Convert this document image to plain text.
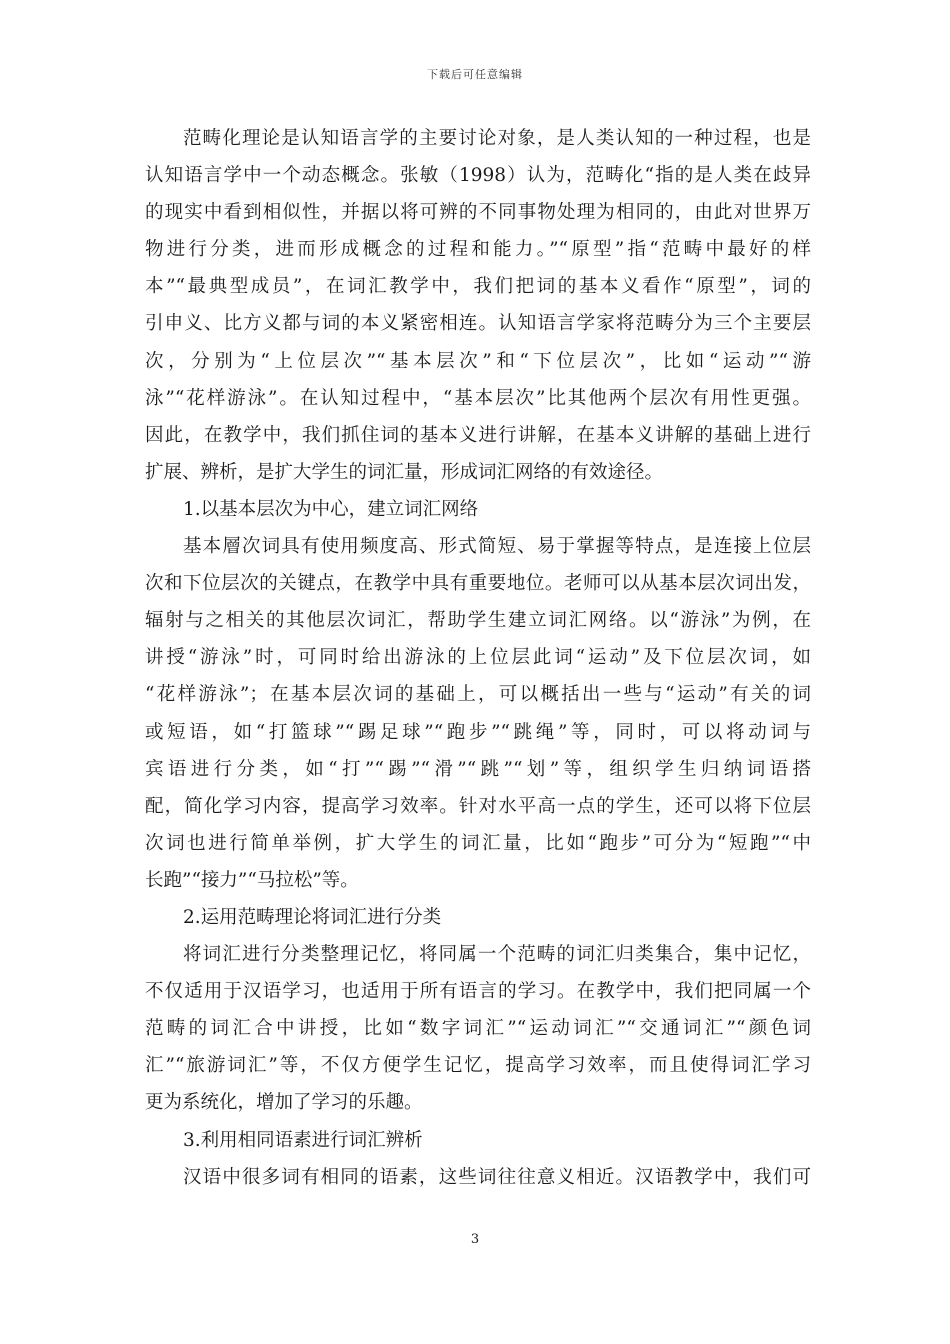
下载后可任意编辑
范畴化理论是认知语言学的主要讨论对象，是人类认知的一种过程，也是
认知语言学中一个动态概念。张敏（1998）认为，范畴化“指的是人类在歧异
的现实中看到相似性，并据以将可辨的不同事物处理为相同的，由此对世界万
物进行分类，进而形成概念的过程和能力。”“原型”指“范畴中最好的样
本”“最典型成员”，在词汇教学中，我们把词的基本义看作“原型”，词的
引申义、比方义都与词的本义紧密相连。认知语言学家将范畴分为三个主要层
次，分别为“上位层次”“基本层次”和“下位层次”，比如“运动”“游
泳”“花样游泳”。在认知过程中，“基本层次”比其他两个层次有用性更强。
因此，在教学中，我们抓住词的基本义进行讲解，在基本义讲解的基础上进行
扩展、辨析，是扩大学生的词汇量，形成词汇网络的有效途径。
1.以基本层次为中心，建立词汇网络
基本層次词具有使用频度高、形式简短、易于掌握等特点，是连接上位层
次和下位层次的关键点，在教学中具有重要地位。老师可以从基本层次词出发，
辐射与之相关的其他层次词汇，帮助学生建立词汇网络。以“游泳”为例，在
讲授“游泳”时，可同时给出游泳的上位层此词“运动”及下位层次词，如
“花样游泳”；在基本层次词的基础上，可以概括出一些与“运动”有关的词
或短语，如“打篮球”“踢足球”“跑步”“跳绳”等，同时，可以将动词与
宾语进行分类，如“打”“踢”“滑”“跳”“划”等，组织学生归纳词语搭
配，简化学习内容，提高学习效率。针对水平高一点的学生，还可以将下位层
次词也进行简单举例，扩大学生的词汇量，比如“跑步”可分为“短跑”“中
长跑”“接力”“马拉松”等。
2.运用范畴理论将词汇进行分类
将词汇进行分类整理记忆，将同属一个范畴的词汇归类集合，集中记忆，
不仅适用于汉语学习，也适用于所有语言的学习。在教学中，我们把同属一个
范畴的词汇合中讲授，比如“数字词汇”“运动词汇”“交通词汇”“颜色词
汇”“旅游词汇”等，不仅方便学生记忆，提高学习效率，而且使得词汇学习
更为系统化，增加了学习的乐趣。
3.利用相同语素进行词汇辨析
汉语中很多词有相同的语素，这些词往往意义相近。汉语教学中，我们可
3
